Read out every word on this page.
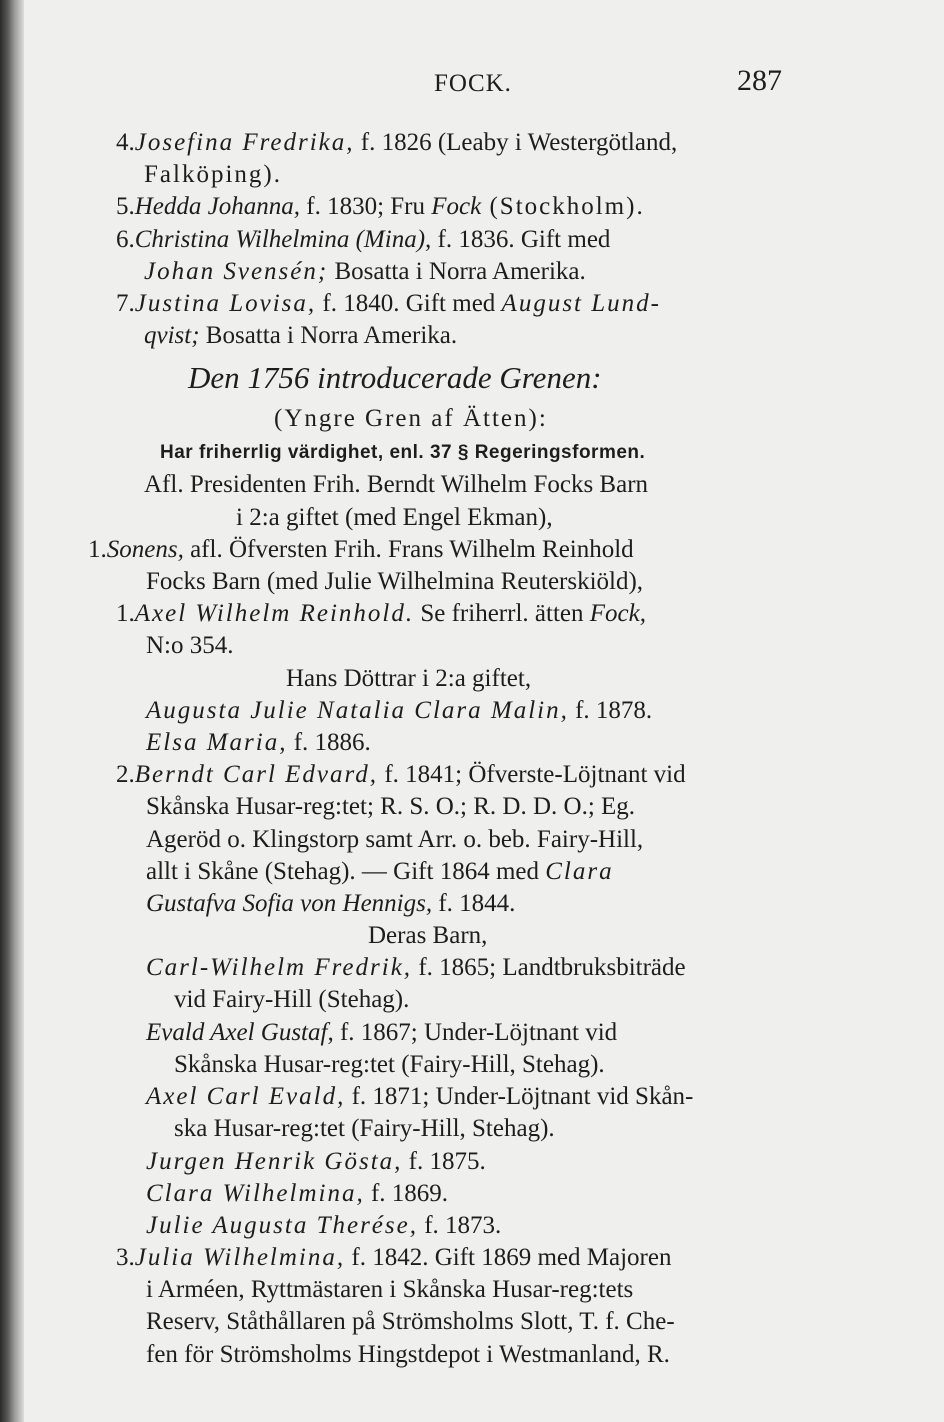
FOCK.	287
4.Josefina Fredrika, f. 1826 (Leaby i Westergötland,
Falköping).
5.Hedda Johanna, f. 1830; Fru Fock (Stockholm).
6.Christina Wilhelmina (Mina), f. 1836. Gift med
Johan Svensén; Bosatta i Norra Amerika.
7.Justina Lovisa, f. 1840. Gift med August Lund-
qvist; Bosatta i Norra Amerika.
Den 1756 introducerade Grenen:
(Yngre Gren af Ätten):
Har friherrlig värdighet, enl. 37 § Regeringsformen.
Afl. Presidenten Frih. Berndt Wilhelm Focks Barn
i 2:a giftet (med Engel Ekman),
1.Sonens, afl. Öfversten Frih. Frans Wilhelm Reinhold
Focks Barn (med Julie Wilhelmina Reuterskiöld),
1.Axel Wilhelm Reinhold. Se friherrl. ätten Fock,
N:o 354.
Hans Döttrar i 2:a giftet,
Augusta Julie Natalia Clara Malin, f. 1878.
Elsa Maria, f. 1886.
2.Berndt Carl Edvard, f. 1841; Öfverste-Löjtnant vid
Skånska Husar-reg:tet; R. S. O.; R. D. D. O.; Eg.
Ageröd o. Klingstorp samt Arr. o. beb. Fairy-Hill,
allt i Skåne (Stehag). — Gift 1864 med Clara
Gustafva Sofia von Hennigs, f. 1844.
Deras Barn,
Carl-Wilhelm Fredrik, f. 1865; Landtbruksbiträde
vid Fairy-Hill (Stehag).
Evald Axel Gustaf, f. 1867; Under-Löjtnant vid
Skånska Husar-reg:tet (Fairy-Hill, Stehag).
Axel Carl Evald, f. 1871; Under-Löjtnant vid Skån-
ska Husar-reg:tet (Fairy-Hill, Stehag).
Jurgen Henrik Gösta, f. 1875.
Clara Wilhelmina, f. 1869.
Julie Augusta Therése, f. 1873.
3.Julia Wilhelmina, f. 1842. Gift 1869 med Majoren
i Arméen, Ryttmästaren i Skånska Husar-reg:tets
Reserv, Ståthållaren på Strömsholms Slott, T. f. Che-
fen för Strömsholms Hingstdepot i Westmanland, R.
